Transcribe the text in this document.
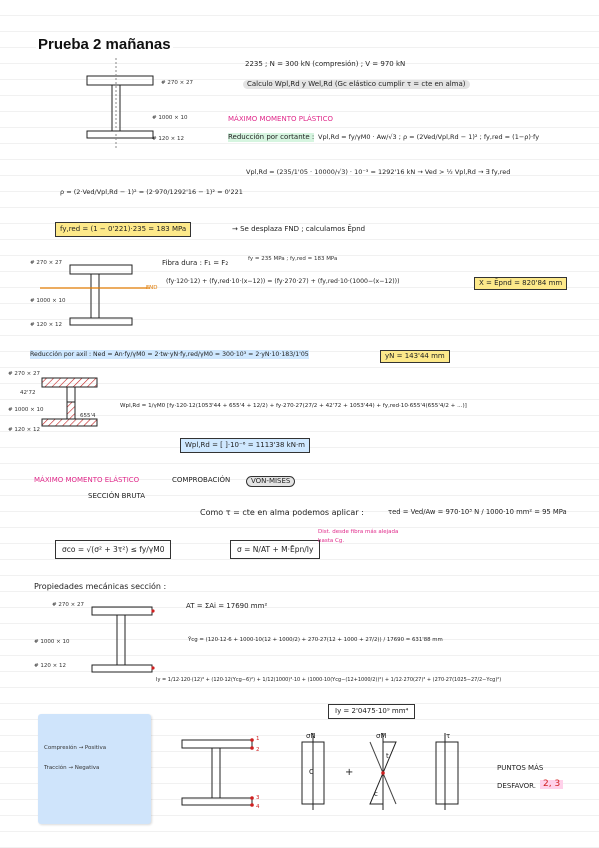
Prueba 2 mañanas
2235 ; N = 300 kN (compresión) ; V = 970 kN
Calculo Wpl,Rd y Wel,Rd (Gc elástico cumplir τ = cte en alma)
# 270 × 27
# 1000 × 10
# 120 × 12
MÁXIMO MOMENTO PLÁSTICO
Reducción por cortante : Vpl,Rd = fy/γM0 · Aw/√3 ; ρ = (2Ved/Vpl,Rd − 1)² ; fy,red = (1−ρ)·fy
Vpl,Rd = (235/1'05 · 10000/√3) · 10⁻³ = 1292'16 kN → Ved > ½ Vpl,Rd → ∃ fy,red
ρ = (2·Ved/Vpl,Rd − 1)² = (2·970/1292'16 − 1)² = 0'221
fy,red = (1 − 0'221)·235 = 183 MPa	→ Se desplaza FND ; calculamos Ēpnd
# 270 × 27
# 1000 × 10
# 120 × 12
FND
Fibra dura : F₁ = F₂	fy = 235 MPa ; fy,red = 183 MPa
(fy·120·12) + (fy,red·10·(x−12)) = (fy·270·27) + (fy,red·10·(1000−(x−12)))	X = Ēpnd = 820'84 mm
Reducción por axil : Ned = An·fy/γM0 = 2·tw·yN·fy,red/γM0 = 300·10³ = 2·yN·10·183/1'05	yN = 143'44 mm
# 270 × 27
# 1000 × 10
# 120 × 12
42'72
655'4
Wpl,Rd = 1/γM0 [fy·120·12(1053'44 + 655'4 + 12/2) + fy·270·27(27/2 + 42'72 + 1053'44) + fy,red·10·655'4(655'4/2 + ...)]
Wpl,Rd = [ ]·10⁻⁶ = 1113'38 kN·m
MÁXIMO MOMENTO ELÁSTICO	COMPROBACIÓN	VON-MISES
SECCIÓN BRUTA
Como τ = cte en alma podemos aplicar :	τed = Ved/Aw = 970·10³ N / 1000·10 mm² = 95 MPa
σco = √(σ² + 3τ²) ≤ fy/γM0	σ = N/AT + M·Ēpn/Iy
Dist. desde fibra más alejada hasta Cg.
Propiedades mecánicas sección :
# 270 × 27
# 1000 × 10
# 120 × 12
AT = ΣAi = 17690 mm²
Ȳcg = (120·12·6 + 1000·10(12 + 1000/2) + 270·27(12 + 1000 + 27/2)) / 17690 = 631'88 mm
Iy = 1/12·120·(12)³ + (120·12(Ycg−6)²) + 1/12(1000)³·10 + (1000·10(Ycg−(12+1000/2))²) + 1/12·270(27)³ + (270·27(1025−27/2−Ycg)²)
Iy = 2'0475·10⁹ mm⁴
Compresión → Positiva
Tracción → Negativa
σN	σM	τ
C	+
t
c
1
2
3
4
PUNTOS MÁS
DESFAVOR. 2, 3
